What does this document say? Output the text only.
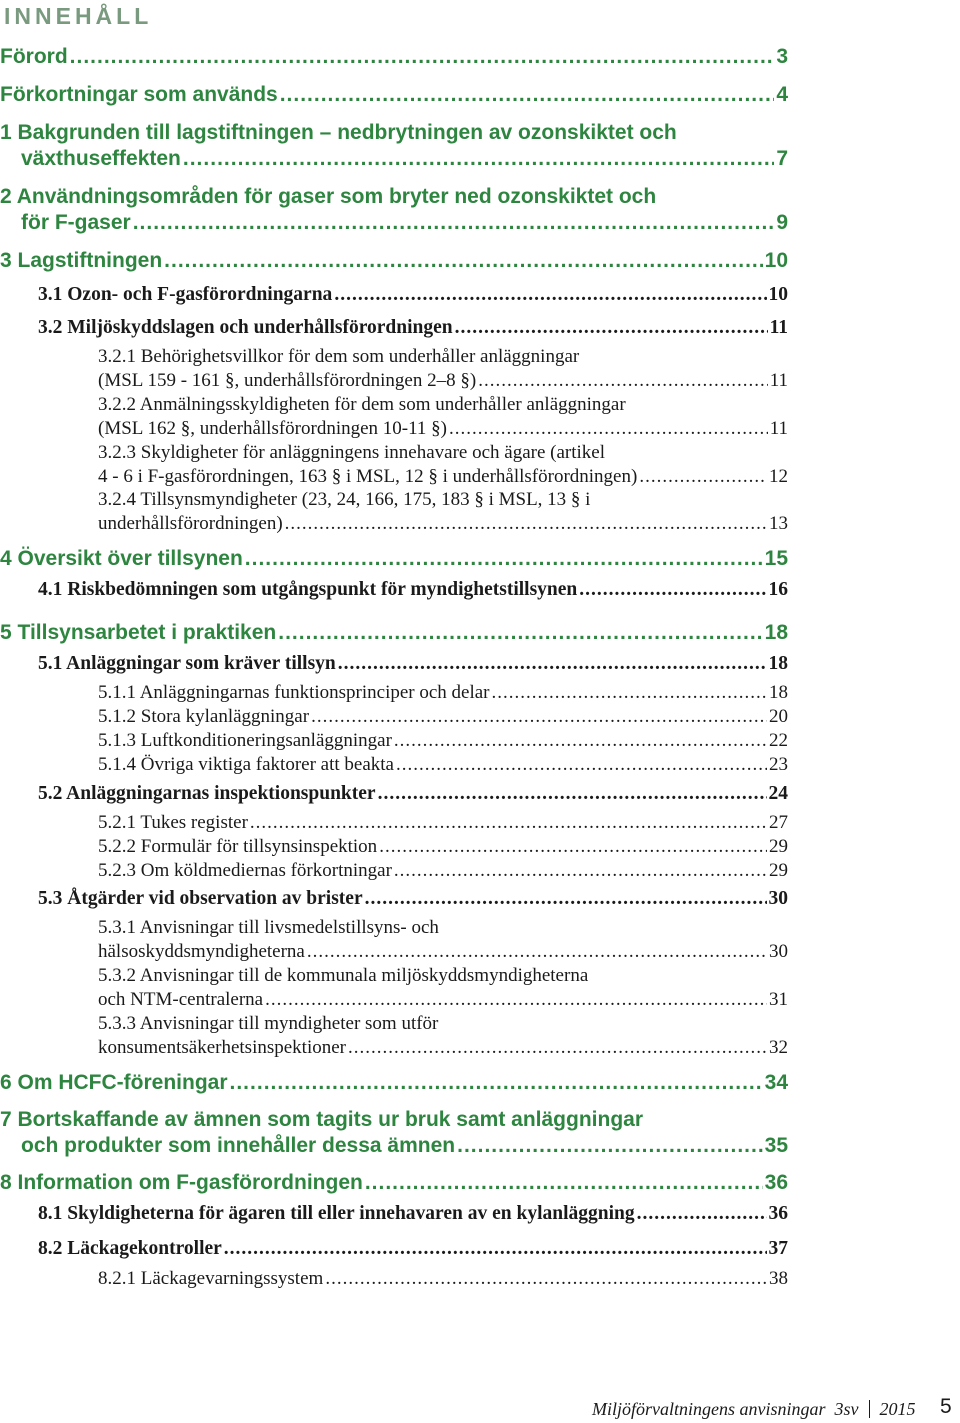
INNEHÅLL
Förord .....	3
Förkortningar som används .....	4
1 Bakgrunden till lagstiftningen – nedbrytningen av ozonskiktet och
växthuseffekten .....	7
2 Användningsområden för gaser som bryter ned ozonskiktet och
för F-gaser .....	9
3 Lagstiftningen .....	10
3.1 Ozon- och F-gasförordningarna .....	10
3.2 Miljöskyddslagen och underhållsförordningen .....	11
3.2.1 Behörighetsvillkor för dem som underhåller anläggningar
(MSL 159 - 161 §, underhållsförordningen 2–8 §) .....	11
3.2.2 Anmälningsskyldigheten för dem som underhåller anläggningar
(MSL 162 §, underhållsförordningen 10-11 §) .....	11
3.2.3 Skyldigheter för anläggningens innehavare och ägare (artikel
4 - 6 i F-gasförordningen, 163 § i MSL, 12 § i underhållsförordningen) .....	12
3.2.4 Tillsynsmyndigheter (23, 24, 166, 175, 183 § i MSL, 13 § i
underhållsförordningen) .....	13
4 Översikt över tillsynen .....	15
4.1 Riskbedömningen som utgångspunkt för myndighetstillsynen .....	16
5 Tillsynsarbetet i praktiken .....	18
5.1 Anläggningar som kräver tillsyn .....	18
5.1.1 Anläggningarnas funktionsprinciper och delar .....	18
5.1.2 Stora kylanläggningar .....	20
5.1.3 Luftkonditioneringsanläggningar .....	22
5.1.4 Övriga viktiga faktorer att beakta .....	23
5.2 Anläggningarnas inspektionspunkter .....	24
5.2.1 Tukes register .....	27
5.2.2 Formulär för tillsynsinspektion .....	29
5.2.3 Om köldmediernas förkortningar .....	29
5.3 Åtgärder vid observation av brister .....	30
5.3.1 Anvisningar till livsmedelstillsyns- och
hälsoskyddsmyndigheterna .....	30
5.3.2 Anvisningar till de kommunala miljöskyddsmyndigheterna
och NTM-centralerna .....	31
5.3.3 Anvisningar till myndigheter som utför
konsumentsäkerhetsinspektioner .....	32
6 Om HCFC-föreningar .....	34
7 Bortskaffande av ämnen som tagits ur bruk samt anläggningar
och produkter som innehåller dessa ämnen .....	35
8 Information om F-gasförordningen .....	36
8.1 Skyldigheterna för ägaren till eller innehavaren av en kylanläggning .....	36
8.2 Läckagekontroller .....	37
8.2.1 Läckagevarningssystem .....	38
Miljöförvaltningens anvisningar 3sv 2015 5
